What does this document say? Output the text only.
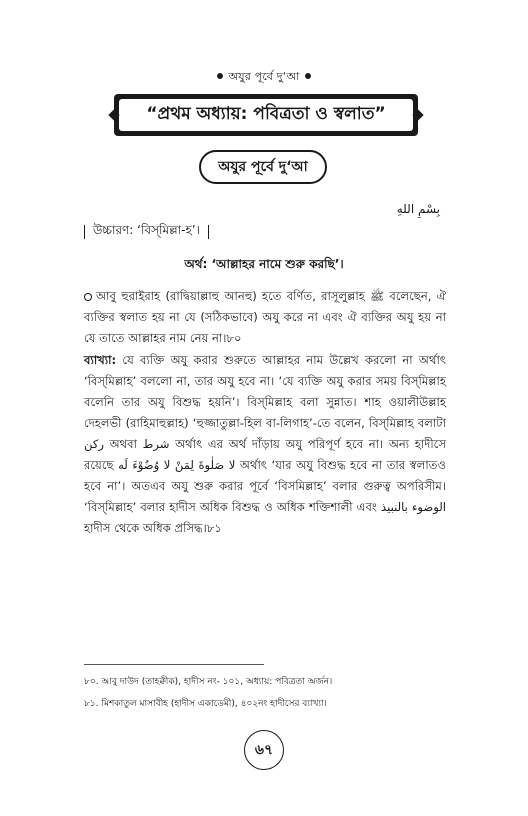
অযুর পূর্বে দু‘আ
“প্রথম অধ্যায়: পবিত্রতা ও স্বলাত”
অযুর পূর্বে দু‘আ
بِسْمِ اللهِ
উচ্চারণ: ‘বিস্‌মিল্লা-হ’।
অর্থ: ‘আল্লাহর নামে শুরু করছি’।
আবু হুরাইরাহ (রাদ্বিয়াল্লাহু আনহু) হতে বর্ণিত, রাসূলুল্লাহ ﷺ বলেছেন, ঐ ব্যক্তির স্বলাত হয় না যে (সঠিকভাবে) অযু করে না এবং ঐ ব্যক্তির অযু হয় না যে তাতে আল্লাহর নাম নেয় না।৮০
ব্যাখ্যা: যে ব্যক্তি অযু করার শুরুতে আল্লাহর নাম উল্লেখ করলো না অর্থাৎ ‘বিস্‌মিল্লাহ’ বললো না, তার অযু হবে না। ‘যে ব্যক্তি অযু করার সময় বিস্‌মিল্লাহ বলেনি তার অযু বিশুদ্ধ হয়নি’। বিস্‌মিল্লাহ বলা সুন্নাত। শাহ ওয়ালীউল্লাহ দেহলভী (রাহিমাহুল্লাহ) ‘হুজ্জাতুল্লা-হিল বা-লিগাহ’-তে বলেন, বিস্‌মিল্লাহ বলাটা رکن অথবা شرط অর্থাৎ এর অর্থ দাঁড়ায় অযু পরিপূর্ণ হবে না। অন্য হাদীসে রয়েছে لا صَلٰوةَ لِمَنْ لا وُضُوْءَ لَه অর্থাৎ ‘যার অযু বিশুদ্ধ হবে না তার স্বলাতও হবে না’। অতএব অযু শুরু করার পূর্বে ‘বিসমিল্লাহ’ বলার গুরুত্ব অপরিসীম। ‘বিস্‌মিল্লাহ’ বলার হাদীস অধিক বিশুদ্ধ ও অধিক শক্তিশালী এবং الوضوء بالنبيذ হাদীস থেকে অধিক প্রসিদ্ধ।৮১
৮০. আবু দাউদ (তাহক্বীক), হাদীস নং- ১০১, অধ্যায়: পবিত্রতা অর্জন।
৮১. মিশকাতুল মাসাবীহ (হাদীস একাডেমী), ৪০২নং হাদীসের ব্যাখ্যা।
৬৭
